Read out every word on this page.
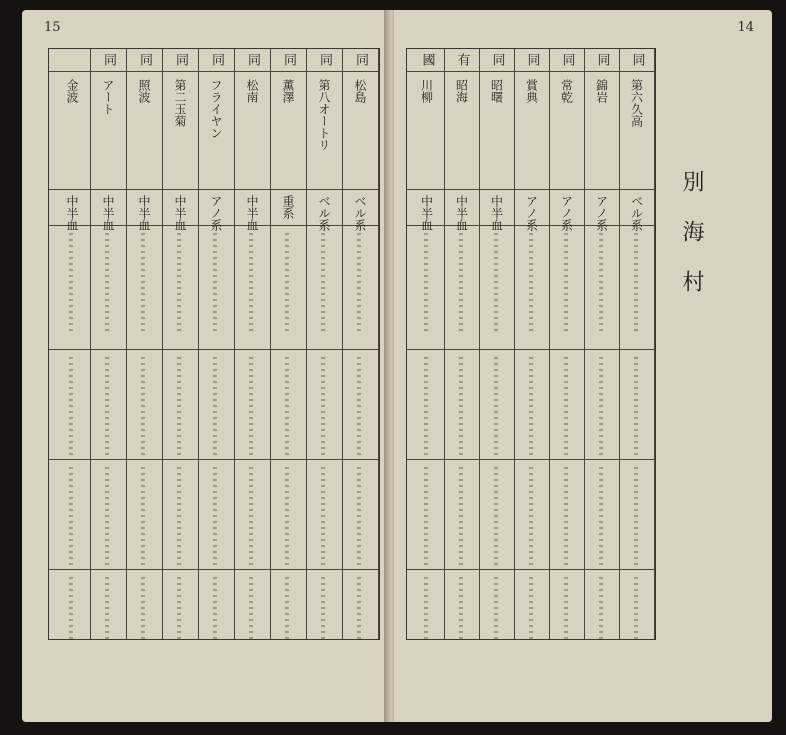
15
同
松島
ベル系
同
第八オートリ
ベル系
同
薫澤
重系
同
松南
中半血
同
フライヤン
アノ系
同
第二玉菊
中半血
同
照波
中半血
同
アート
中半血
金波
中半血
14
同
第六久高
ベル系
同
錦岩
アノ系
同
常乾
アノ系
同
賞典
アノ系
同
昭曙
中半血
有
昭海
中半血
國
川柳
中半血	別海村
